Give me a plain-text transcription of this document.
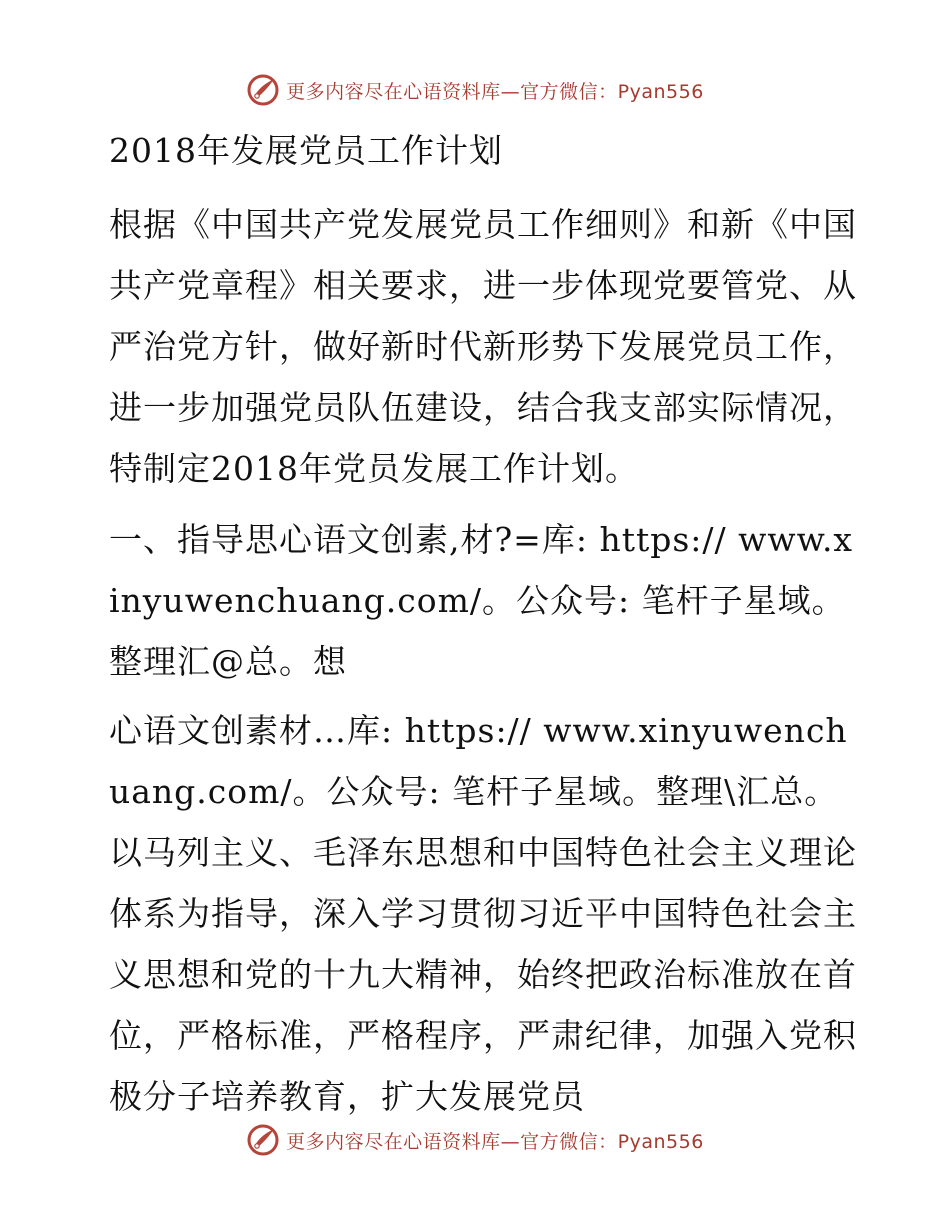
更多内容尽在心语资料库—官方微信：Pyan556

2018年发展党员工作计划

根据《中国共产党发展党员工作细则》和新《中国共产党章程》相关要求，进一步体现党要管党、从严治党方针，做好新时代新形势下发展党员工作，进一步加强党员队伍建设，结合我支部实际情况，特制定2018年党员发展工作计划。

一、指导思心语文创素,材?=库: https:// www.xinyuwenchuang.com/。公众号: 笔杆子星域。整理汇@总。想

心语文创素材…库: https:// www.xinyuwenchuang.com/。公众号: 笔杆子星域。整理\汇总。以马列主义、毛泽东思想和中国特色社会主义理论体系为指导，深入学习贯彻习近平中国特色社会主义思想和党的十九大精神，始终把政治标准放在首位，严格标准，严格程序，严肃纪律，加强入党积极分子培养教育，扩大发展党员

更多内容尽在心语资料库—官方微信：Pyan556
